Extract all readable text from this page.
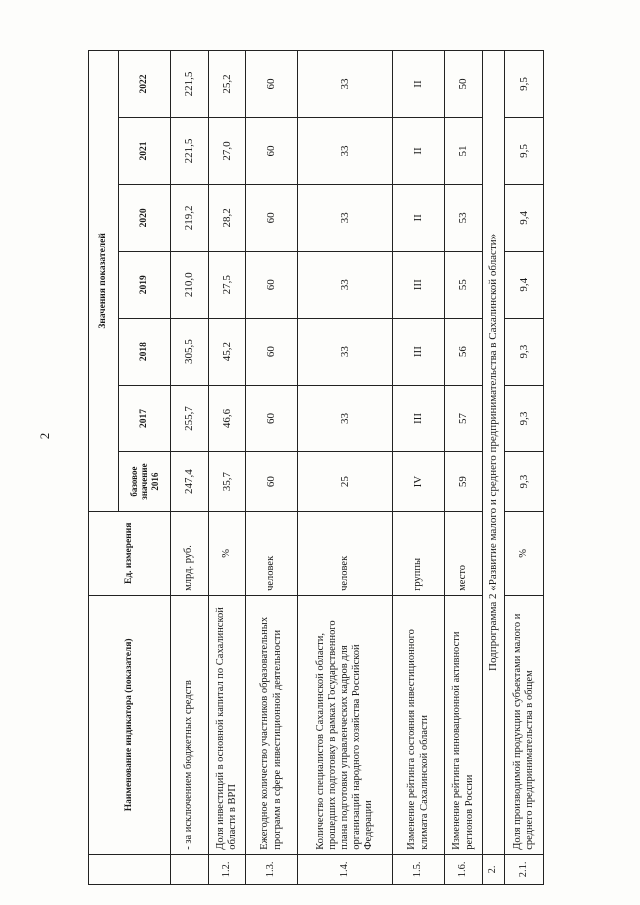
2
	Наименование индикатора (показателя)	Ед. измерения	Значения показателей						
			базовое значение 2016	2017	2018	2019	2020	2021	2022
	- за исключением бюджетных средств	млрд. руб.	247,4	255,7	305,5	210,0	219,2	221,5	221,5
1.2.	Доля инвестиций в основной капитал по Сахалинской области в ВРП	%	35,7	46,6	45,2	27,5	28,2	27,0	25,2
1.3.	Ежегодное количество участников образовательных программ в сфере инвестиционной деятельности	человек	60	60	60	60	60	60	60
1.4.	Количество специалистов Сахалинской области, прошедших подготовку в рамках Государственного плана подготовки управленческих кадров для организаций народного хозяйства Российской Федерации	человек	25	33	33	33	33	33	33
1.5.	Изменение рейтинга состояния инвестиционного климата Сахалинской области	группы	IV	III	III	III	II	II	II
1.6.	Изменение рейтинга инновационной активности регионов России	место	59	57	56	55	53	51	50
2.	Подпрограмма 2 «Развитие малого и среднего предпринимательства в Сахалинской области»								
2.1.	Доля производимой продукции субъектами малого и среднего предпринимательства в общем	%	9,3	9,3	9,3	9,4	9,4	9,5	9,5
